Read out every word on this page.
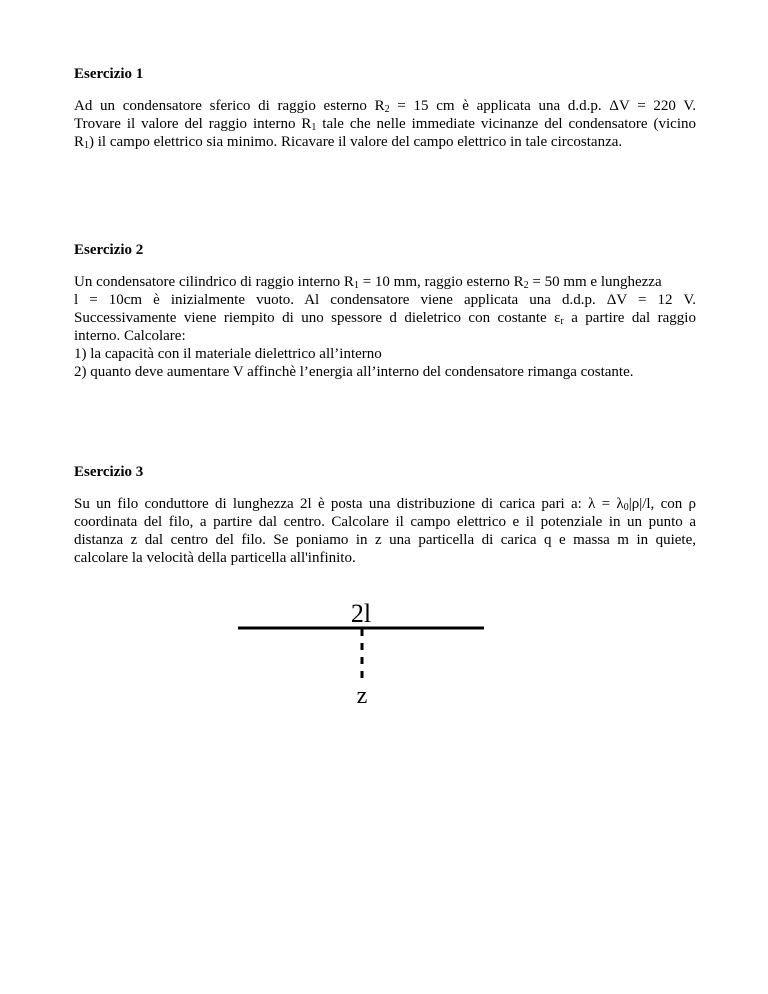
Esercizio 1
Ad un condensatore sferico di raggio esterno $R_2 = 15$ cm è applicata una d.d.p. ΔV = 220 V.
Trovare il valore del raggio interno $R_1$ tale che nelle immediate vicinanze del condensatore (vicino
$R_1$) il campo elettrico sia minimo. Ricavare il valore del campo elettrico in tale circostanza.
Esercizio 2
Un condensatore cilindrico di raggio interno $R_1 = 10$ mm, raggio esterno $R_2 = 50$ mm e lunghezza
l = 10cm è inizialmente vuoto. Al condensatore viene applicata una d.d.p. ΔV = 12 V.
Successivamente viene riempito di uno spessore d dieletrico con costante $\varepsilon_r$ a partire dal raggio
interno. Calcolare:
1) la capacità con il materiale dielettrico all’interno
2) quanto deve aumentare V affinchè l’energia all’interno del condensatore rimanga costante.
Esercizio 3
Su un filo conduttore di lunghezza 2l è posta una distribuzione di carica pari a: $\lambda = \lambda_0|\rho|/l$, con ρ
coordinata del filo, a partire dal centro. Calcolare il campo elettrico e il potenziale in un punto a
distanza z dal centro del filo. Se poniamo in z una particella di carica q e massa m in quiete,
calcolare la velocità della particella all'infinito.
2l
z
